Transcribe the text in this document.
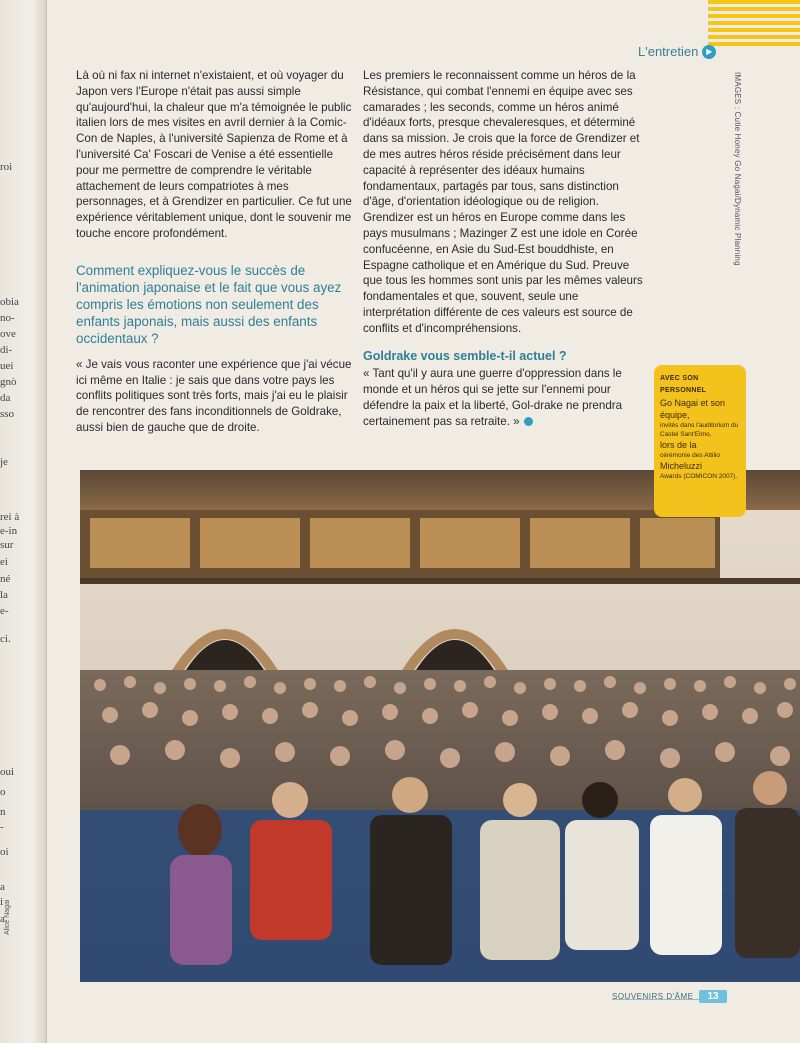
roi
obia
no-
ove
di-
uei
gnò
da
sso
je
rei à
e-in
sur
ei
né
la
e-
ci.
oui
o
n
-
oi
a
i
a Alice Nagai
L'entretien ▶
IMAGES : Cutie Honey Go Nagai/Dynamic Planning

Là où ni fax ni internet n'existaient, et où voyager du Japon vers l'Europe n'était pas aussi simple qu'aujourd'hui, la chaleur que m'a témoignée le public italien lors de mes visites en avril dernier à la Comic-Con de Naples, à l'université Sapienza de Rome et à l'université Ca' Foscari de Venise a été essentielle pour me permettre de comprendre le véritable attachement de leurs compatriotes à mes personnages, et à Grendizer en particulier. Ce fut une expérience véritablement unique, dont le souvenir me touche encore profondément.

Comment expliquez-vous le succès de l'animation japonaise et le fait que vous ayez compris les émotions non seulement des enfants japonais, mais aussi des enfants occidentaux ?

« Je vais vous raconter une expérience que j'ai vécue ici même en Italie : je sais que dans votre pays les conflits politiques sont très forts, mais j'ai eu le plaisir de rencontrer des fans inconditionnels de Goldrake, aussi bien de gauche que de droite.

Les premiers le reconnaissent comme un héros de la Résistance, qui combat l'ennemi en équipe avec ses camarades ; les seconds, comme un héros animé d'idéaux forts, presque chevaleresques, et déterminé dans sa mission. Je crois que la force de Grendizer et de mes autres héros réside précisément dans leur capacité à représenter des idéaux humains fondamentaux, partagés par tous, sans distinction d'âge, d'orientation idéologique ou de religion. Grendizer est un héros en Europe comme dans les pays musulmans ; Mazinger Z est une idole en Corée confucéenne, en Asie du Sud-Est bouddhiste, en Espagne catholique et en Amérique du Sud. Preuve que tous les hommes sont unis par les mêmes valeurs fondamentales et que, souvent, seule une interprétation différente de ces valeurs est source de conflits et d'incompréhensions.

Goldrake vous semble-t-il actuel ?

« Tant qu'il y aura une guerre d'oppression dans le monde et un héros qui se jette sur l'ennemi pour défendre la paix et la liberté, Gol-drake ne prendra certainement pas sa retraite. »

AVEC SON PERSONNEL
Go Nagai et son équipe,
invités dans l'auditorium du Castel Sant'Elmo,
lors de la
cérémonie des Attilio
Micheluzzi
Awards (COMICON 2007).
SOUVENIRS D'ÂME	13
